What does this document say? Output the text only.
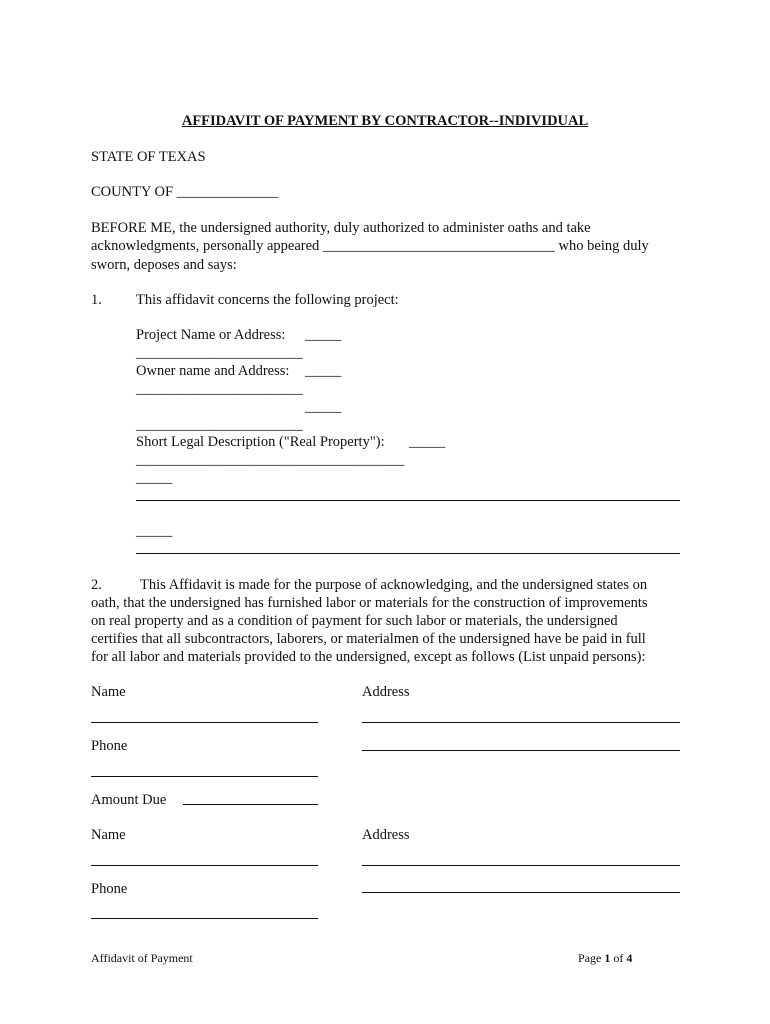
AFFIDAVIT OF PAYMENT BY CONTRACTOR--INDIVIDUAL
STATE OF TEXAS
COUNTY OF ______________
BEFORE ME, the undersigned authority, duly authorized to administer oaths and take
acknowledgments, personally appeared ________________________________ who being duly
sworn, deposes and says:
1. This affidavit concerns the following project:
Project Name or Address: _____
_______________________
Owner name and Address: _____
_______________________
_____
_______________________
Short Legal Description ("Real Property"): _____
_____________________________________
_____
_____
2.	This Affidavit is made for the purpose of acknowledging, and the undersigned states on
oath, that the undersigned has furnished labor or materials for the construction of improvements
on real property and as a condition of payment for such labor or materials, the undersigned
certifies that all subcontractors, laborers, or materialmen of the undersigned have be paid in full
for all labor and materials provided to the undersigned, except as follows (List unpaid persons):
Name	Address
Phone
Amount Due
Name	Address
Phone
Affidavit of Payment	Page 1 of 4
